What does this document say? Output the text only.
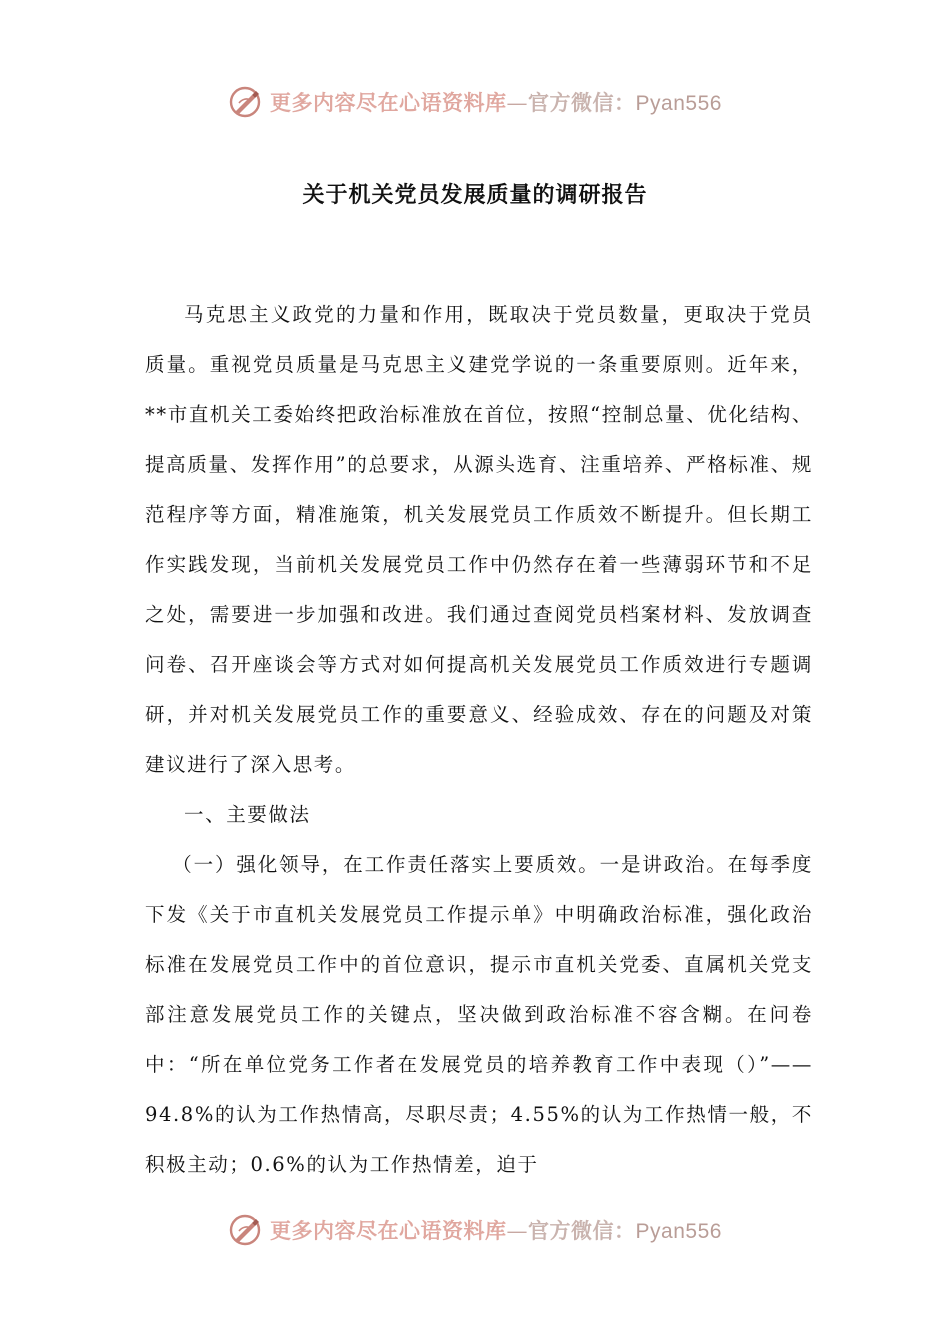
更多内容尽在心语资料库—官方微信：Pyan556
关于机关党员发展质量的调研报告

马克思主义政党的力量和作用，既取决于党员数量，更取决于党员质量。重视党员质量是马克思主义建党学说的一条重要原则。近年来，**市直机关工委始终把政治标准放在首位，按照“控制总量、优化结构、提高质量、发挥作用”的总要求，从源头选育、注重培养、严格标准、规范程序等方面，精准施策，机关发展党员工作质效不断提升。但长期工作实践发现，当前机关发展党员工作中仍然存在着一些薄弱环节和不足之处，需要进一步加强和改进。我们通过查阅党员档案材料、发放调查问卷、召开座谈会等方式对如何提高机关发展党员工作质效进行专题调研，并对机关发展党员工作的重要意义、经验成效、存在的问题及对策建议进行了深入思考。

一、主要做法

（一）强化领导，在工作责任落实上要质效。一是讲政治。在每季度下发《关于市直机关发展党员工作提示单》中明确政治标准，强化政治标准在发展党员工作中的首位意识，提示市直机关党委、直属机关党支部注意发展党员工作的关键点，坚决做到政治标准不容含糊。在问卷中：“所在单位党务工作者在发展党员的培养教育工作中表现（）”——94.8%的认为工作热情高，尽职尽责；4.55%的认为工作热情一般，不积极主动；0.6%的认为工作热情差，迫于

更多内容尽在心语资料库—官方微信：Pyan556
